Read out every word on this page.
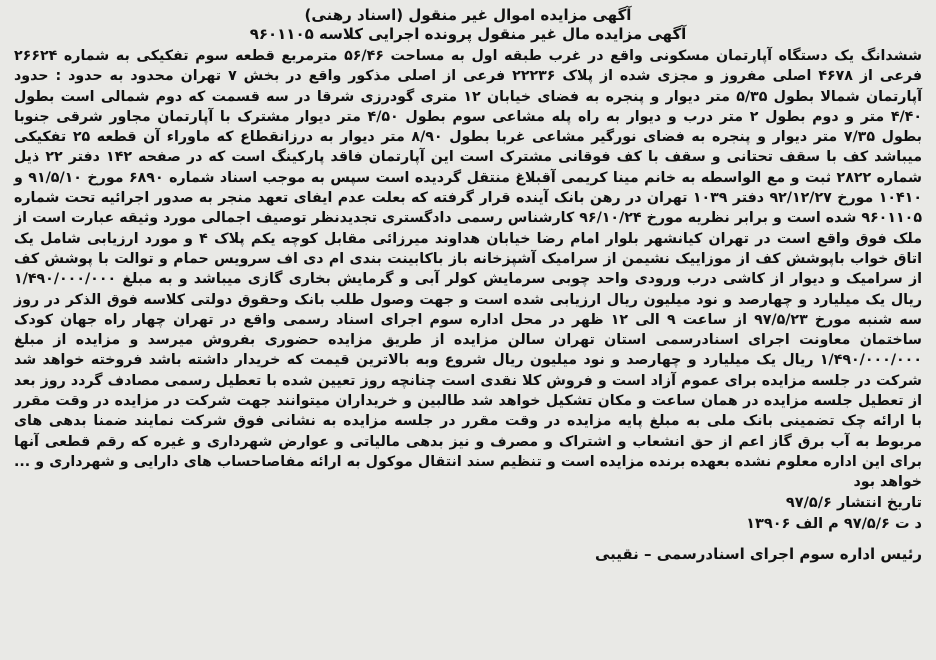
آگهی مزایده اموال غیر منقول (اسناد رهنی)

آگهی مزایده مال غیر منقول پرونده اجرایی کلاسه ۹۶۰۱۱۰۵

ششدانگ یک دستگاه آپارتمان مسکونی واقع در غرب طبقه اول به مساحت ۵۶/۴۶ مترمربع قطعه سوم تفکیکی به شماره ۲۶۶۲۴ فرعی از ۴۶۷۸ اصلی مفروز و مجزی شده از پلاک ۲۲۲۳۶ فرعی از اصلی مذکور واقع در بخش ۷ تهران محدود به حدود : حدود آپارتمان شمالا بطول ۵/۳۵ متر دیوار و پنجره به فضای خیابان ۱۲ متری گودرزی شرقا در سه قسمت که دوم شمالی است بطول ۴/۴۰ متر و دوم بطول ۲ متر درب و دیوار به راه پله مشاعی سوم بطول ۴/۵۰ متر دیوار مشترک با آپارتمان مجاور شرقی جنوبا بطول ۷/۳۵ متر دیوار و پنجره به فضای نورگیر مشاعی غربا بطول ۸/۹۰ متر دیوار به درزانقطاع که ماوراء آن قطعه ۲۵ تفکیکی میباشد کف با سقف تحتانی و سقف با کف فوقانی مشترک است این آپارتمان فاقد پارکینگ است که در صفحه ۱۴۲ دفتر ۲۲ ذیل شماره ۲۸۲۲ ثبت و مع الواسطه به خانم مینا کریمی آقبلاغ منتقل گردیده است سپس به موجب اسناد شماره ۶۸۹۰ مورخ ۹۱/۵/۱۰ و ۱۰۴۱۰ مورخ ۹۲/۱۲/۲۷ دفتر ۱۰۳۹ تهران در رهن بانک آینده قرار گرفته که بعلت عدم ایفای تعهد منجر به صدور اجرائیه تحت شماره ۹۶۰۱۱۰۵ شده است و برابر نظریه مورخ ۹۶/۱۰/۲۴ کارشناس رسمی دادگستری تجدیدنظر توصیف اجمالی مورد وثیقه عبارت است از ملک فوق واقع است در تهران کیانشهر بلوار امام رضا خیابان هداوند میرزائی مقابل کوچه یکم پلاک ۴ و مورد ارزیابی شامل یک اتاق خواب باپوشش کف از موزاییک نشیمن از سرامیک آشپزخانه باز باکابینت بندی ام دی اف سرویس حمام و توالت با پوشش کف از سرامیک و دیوار از کاشی درب ورودی واحد چوبی سرمایش کولر آبی و گرمایش بخاری گازی میباشد و به مبلغ ۱/۴۹۰/۰۰۰/۰۰۰ ریال یک میلیارد و چهارصد و نود میلیون ریال ارزیابی شده است و جهت وصول طلب بانک وحقوق دولتی کلاسه فوق الذکر در روز سه شنبه مورخ ۹۷/۵/۲۳ از ساعت ۹ الی ۱۲ ظهر در محل اداره سوم اجرای اسناد رسمی واقع در تهران چهار راه جهان کودک ساختمان معاونت اجرای اسنادرسمی استان تهران سالن مزایده از طریق مزایده حضوری بفروش میرسد و مزایده از مبلغ ۱/۴۹۰/۰۰۰/۰۰۰ ریال یک میلیارد و چهارصد و نود میلیون ریال شروع وبه بالاترین قیمت که خریدار داشته باشد فروخته خواهد شد شرکت در جلسه مزایده برای عموم آزاد است و فروش کلا نقدی است چنانچه روز تعیین شده با تعطیل رسمی مصادف گردد روز بعد از تعطیل جلسه مزایده در همان ساعت و مکان تشکیل خواهد شد طالبین و خریداران میتوانند جهت شرکت در مزایده در وقت مقرر با ارائه چک تضمینی بانک ملی به مبلغ پایه مزایده در وقت مقرر در جلسه مزایده به نشانی فوق شرکت نمایند ضمنا بدهی های مربوط به آب برق گاز اعم از حق انشعاب و اشتراک و مصرف و نیز بدهی مالیاتی و عوارض شهرداری و غیره که رقم قطعی آنها برای این اداره معلوم نشده بعهده برنده مزایده است و تنظیم سند انتقال موکول به ارائه مفاصاحساب های دارایی و شهرداری و ... خواهد بود

تاریخ انتشار ۹۷/۵/۶

د ت ۹۷/۵/۶ م الف ۱۳۹۰۶

رئیس اداره سوم اجرای اسنادرسمی – نقیبی
